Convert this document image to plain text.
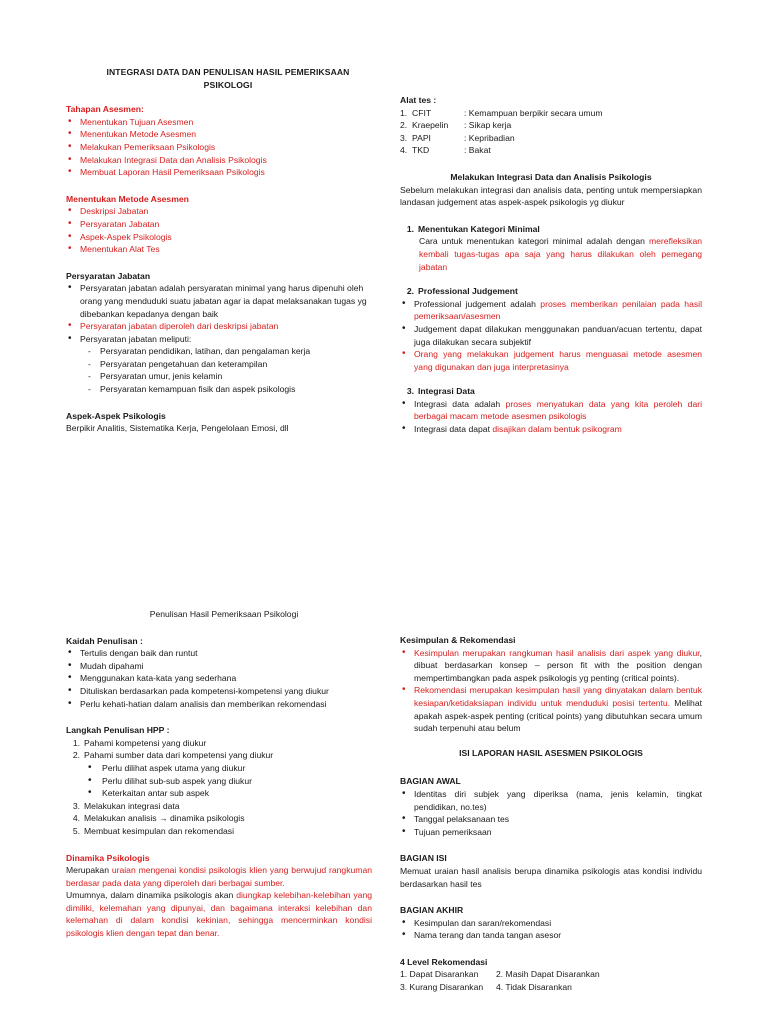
INTEGRASI DATA DAN PENULISAN HASIL PEMERIKSAAN PSIKOLOGI
Tahapan Asesmen:
• Menentukan Tujuan Asesmen
• Menentukan Metode Asesmen
• Melakukan Pemeriksaan Psikologis
• Melakukan Integrasi Data dan Analisis Psikologis
• Membuat Laporan Hasil Pemeriksaan Psikologis
Menentukan Metode Asesmen
• Deskripsi Jabatan
• Persyaratan Jabatan
• Aspek-Aspek Psikologis
• Menentukan Alat Tes
Persyaratan Jabatan
• Persyaratan jabatan adalah persyaratan minimal yang harus dipenuhi oleh orang yang menduduki suatu jabatan agar ia dapat melaksanakan tugas yg dibebankan kepadanya dengan baik
• Persyaratan jabatan diperoleh dari deskripsi jabatan
• Persyaratan jabatan meliputi:
- Persyaratan pendidikan, latihan, dan pengalaman kerja
- Persyaratan pengetahuan dan keterampilan
- Persyaratan umur, jenis kelamin
- Persyaratan kemampuan fisik dan aspek psikologis
Aspek-Aspek Psikologis
Berpikir Analitis, Sistematika Kerja, Pengelolaan Emosi, dll
Alat tes :
1. CFIT	: Kemampuan berpikir secara umum
2. Kraepelin	: Sikap kerja
3. PAPI	: Kepribadian
4. TKD	: Bakat
Melakukan Integrasi Data dan Analisis Psikologis
Sebelum melakukan integrasi dan analisis data, penting untuk mempersiapkan landasan judgement atas aspek-aspek psikologis yg diukur
1. Menentukan Kategori Minimal
Cara untuk menentukan kategori minimal adalah dengan merefleksikan kembali tugas-tugas apa saja yang harus dilakukan oleh pemegang jabatan
2. Professional Judgement
• Professional judgement adalah proses memberikan penilaian pada hasil pemeriksaan/asesmen
• Judgement dapat dilakukan menggunakan panduan/acuan tertentu, dapat juga dilakukan secara subjektif
• Orang yang melakukan judgement harus menguasai metode asesmen yang digunakan dan juga interpretasinya
3. Integrasi Data
• Integrasi data adalah proses menyatukan data yang kita peroleh dari berbagai macam metode asesmen psikologis
• Integrasi data dapat disajikan dalam bentuk psikogram
Penulisan Hasil Pemeriksaan Psikologi
Kaidah Penulisan :
• Tertulis dengan baik dan runtut
• Mudah dipahami
• Menggunakan kata-kata yang sederhana
• Dituliskan berdasarkan pada kompetensi-kompetensi yang diukur
• Perlu kehati-hatian dalam analisis dan memberikan rekomendasi
Langkah Penulisan HPP :
1. Pahami kompetensi yang diukur
2. Pahami sumber data dari kompetensi yang diukur
• Perlu dilihat aspek utama yang diukur
• Perlu dilihat sub-sub aspek yang diukur
• Keterkaitan antar sub aspek
3. Melakukan integrasi data
4. Melakukan analisis → dinamika psikologis
5. Membuat kesimpulan dan rekomendasi
Dinamika Psikologis
Merupakan uraian mengenai kondisi psikologis klien yang berwujud rangkuman berdasar pada data yang diperoleh dari berbagai sumber.
Umumnya, dalam dinamika psikologis akan diungkap kelebihan-kelebihan yang dimiliki, kelemahan yang dipunyai, dan bagaimana interaksi kelebihan dan kelemahan di dalam kondisi kekinian, sehingga mencerminkan kondisi psikologis klien dengan tepat dan benar.
Kesimpulan & Rekomendasi
• Kesimpulan merupakan rangkuman hasil analisis dari aspek yang diukur, dibuat berdasarkan konsep – person fit with the position dengan mempertimbangkan pada aspek psikologis yg penting (critical points).
• Rekomendasi merupakan kesimpulan hasil yang dinyatakan dalam bentuk kesiapan/ketidaksiapan individu untuk menduduki posisi tertentu. Melihat apakah aspek-aspek penting (critical points) yang dibutuhkan secara umum sudah terpenuhi atau belum
ISI LAPORAN HASIL ASESMEN PSIKOLOGIS
BAGIAN AWAL
• Identitas diri subjek yang diperiksa (nama, jenis kelamin, tingkat pendidikan, no.tes)
• Tanggal pelaksanaan tes
• Tujuan pemeriksaan
BAGIAN ISI
Memuat uraian hasil analisis berupa dinamika psikologis atas kondisi individu berdasarkan hasil tes
BAGIAN AKHIR
• Kesimpulan dan saran/rekomendasi
• Nama terang dan tanda tangan asesor
4 Level Rekomendasi
1. Dapat Disarankan	2. Masih Dapat Disarankan
3. Kurang Disarankan	4. Tidak Disarankan
